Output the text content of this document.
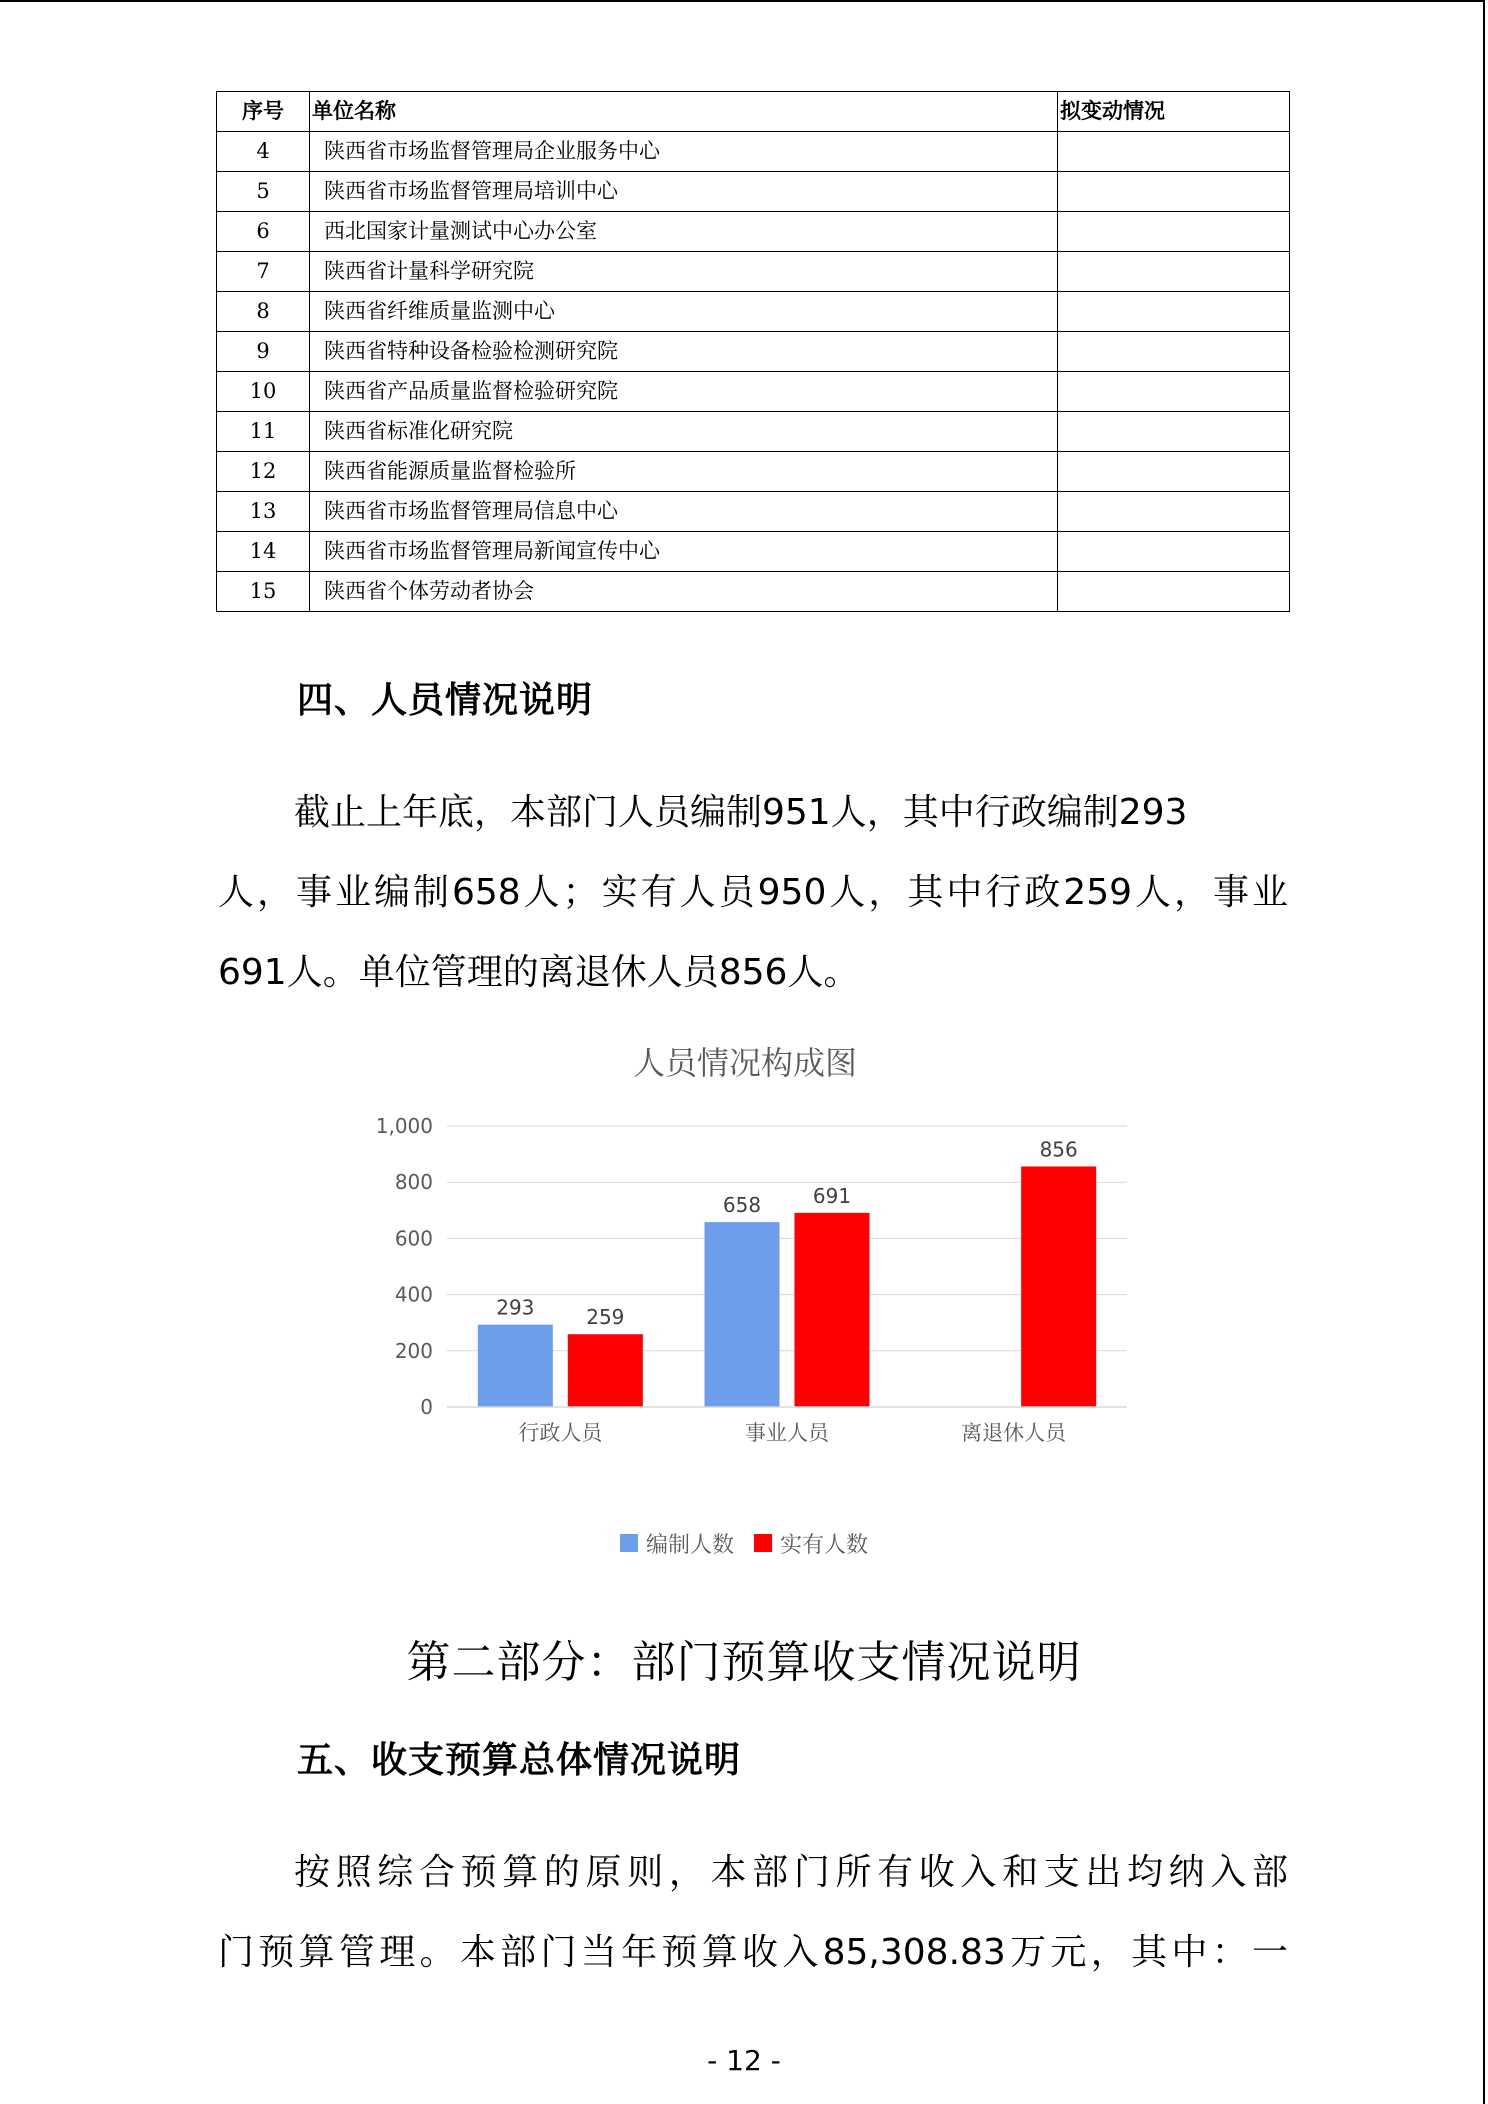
序号	单位名称	拟变动情况
4	陕西省市场监督管理局企业服务中心	
5	陕西省市场监督管理局培训中心	
6	西北国家计量测试中心办公室	
7	陕西省计量科学研究院	
8	陕西省纤维质量监测中心	
9	陕西省特种设备检验检测研究院	
10	陕西省产品质量监督检验研究院	
11	陕西省标准化研究院	
12	陕西省能源质量监督检验所	
13	陕西省市场监督管理局信息中心	
14	陕西省市场监督管理局新闻宣传中心	
15	陕西省个体劳动者协会	
四、人员情况说明
截止上年底，本部门人员编制951人，其中行政编制293
人，事业编制658人；实有人员950人，其中行政259人，事业
691人。单位管理的离退休人员856人。
人员情况构成图
0
200
400
600
800
1,000
293	259
行政人员
658	691
事业人员
856
离退休人员
编制人数 实有人数
第二部分：部门预算收支情况说明
五、收支预算总体情况说明
按照综合预算的原则，本部门所有收入和支出均纳入部
门预算管理。本部门当年预算收入85,308.83万元，其中：一
- 12 -
